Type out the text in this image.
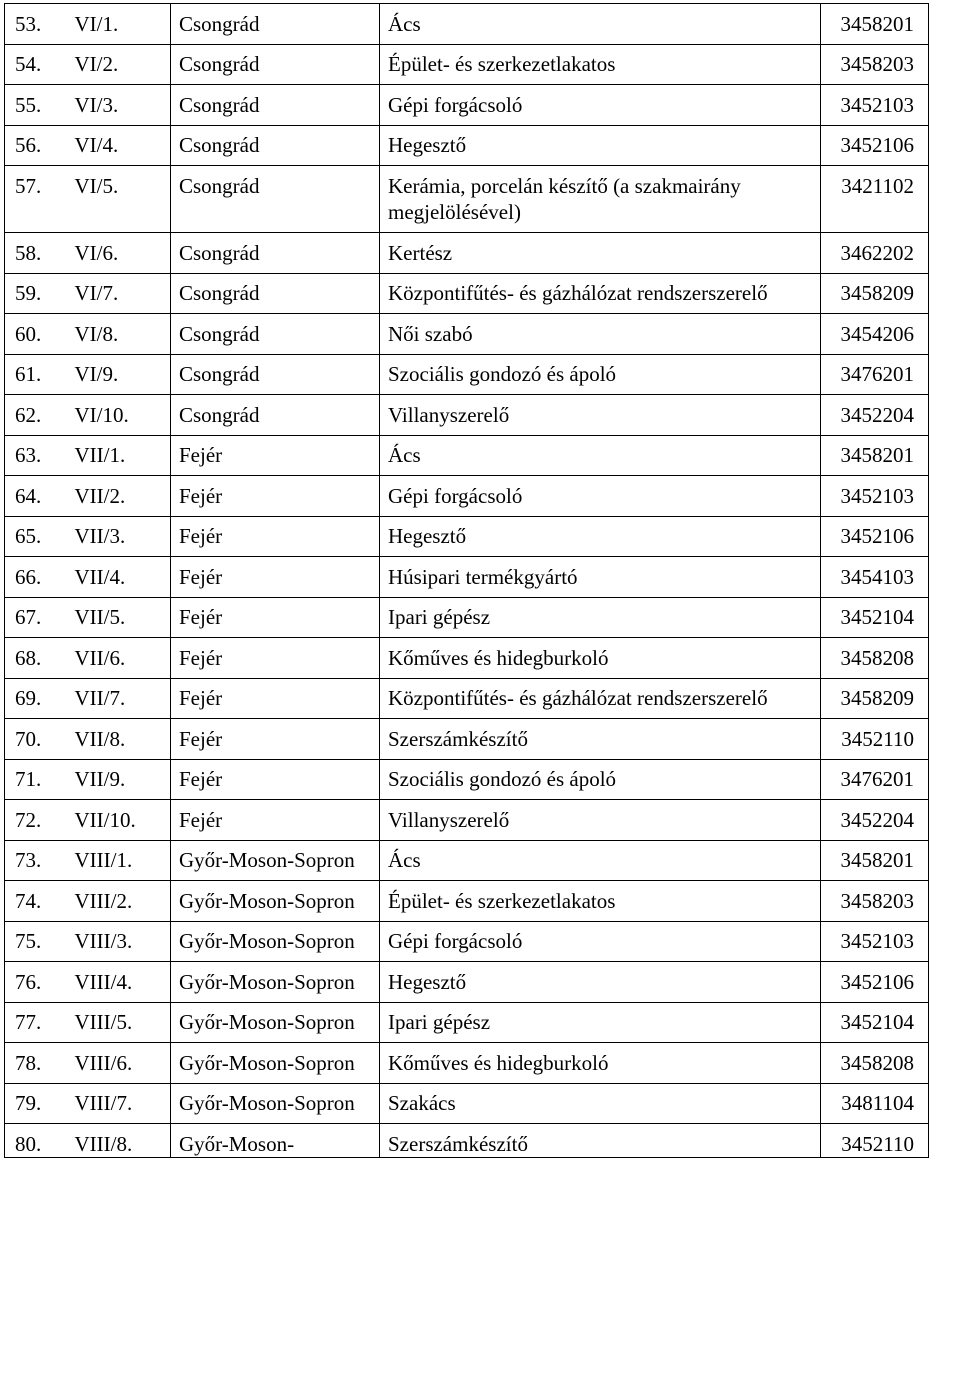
53.	VI/1.	Csongrád	Ács	3458201
54.	VI/2.	Csongrád	Épület- és szerkezetlakatos	3458203
55.	VI/3.	Csongrád	Gépi forgácsoló	3452103
56.	VI/4.	Csongrád	Hegesztő	3452106
57.	VI/5.	Csongrád	Kerámia, porcelán készítő (a szakmairány megjelölésével)	3421102
58.	VI/6.	Csongrád	Kertész	3462202
59.	VI/7.	Csongrád	Központifűtés- és gázhálózat rendszerszerelő	3458209
60.	VI/8.	Csongrád	Női szabó	3454206
61.	VI/9.	Csongrád	Szociális gondozó és ápoló	3476201
62.	VI/10.	Csongrád	Villanyszerelő	3452204
63.	VII/1.	Fejér	Ács	3458201
64.	VII/2.	Fejér	Gépi forgácsoló	3452103
65.	VII/3.	Fejér	Hegesztő	3452106
66.	VII/4.	Fejér	Húsipari termékgyártó	3454103
67.	VII/5.	Fejér	Ipari gépész	3452104
68.	VII/6.	Fejér	Kőműves és hidegburkoló	3458208
69.	VII/7.	Fejér	Központifűtés- és gázhálózat rendszerszerelő	3458209
70.	VII/8.	Fejér	Szerszámkészítő	3452110
71.	VII/9.	Fejér	Szociális gondozó és ápoló	3476201
72.	VII/10.	Fejér	Villanyszerelő	3452204
73.	VIII/1.	Győr-Moson-Sopron	Ács	3458201
74.	VIII/2.	Győr-Moson-Sopron	Épület- és szerkezetlakatos	3458203
75.	VIII/3.	Győr-Moson-Sopron	Gépi forgácsoló	3452103
76.	VIII/4.	Győr-Moson-Sopron	Hegesztő	3452106
77.	VIII/5.	Győr-Moson-Sopron	Ipari gépész	3452104
78.	VIII/6.	Győr-Moson-Sopron	Kőműves és hidegburkoló	3458208
79.	VIII/7.	Győr-Moson-Sopron	Szakács	3481104
80.	VIII/8.	Győr-Moson-	Szerszámkészítő	3452110
